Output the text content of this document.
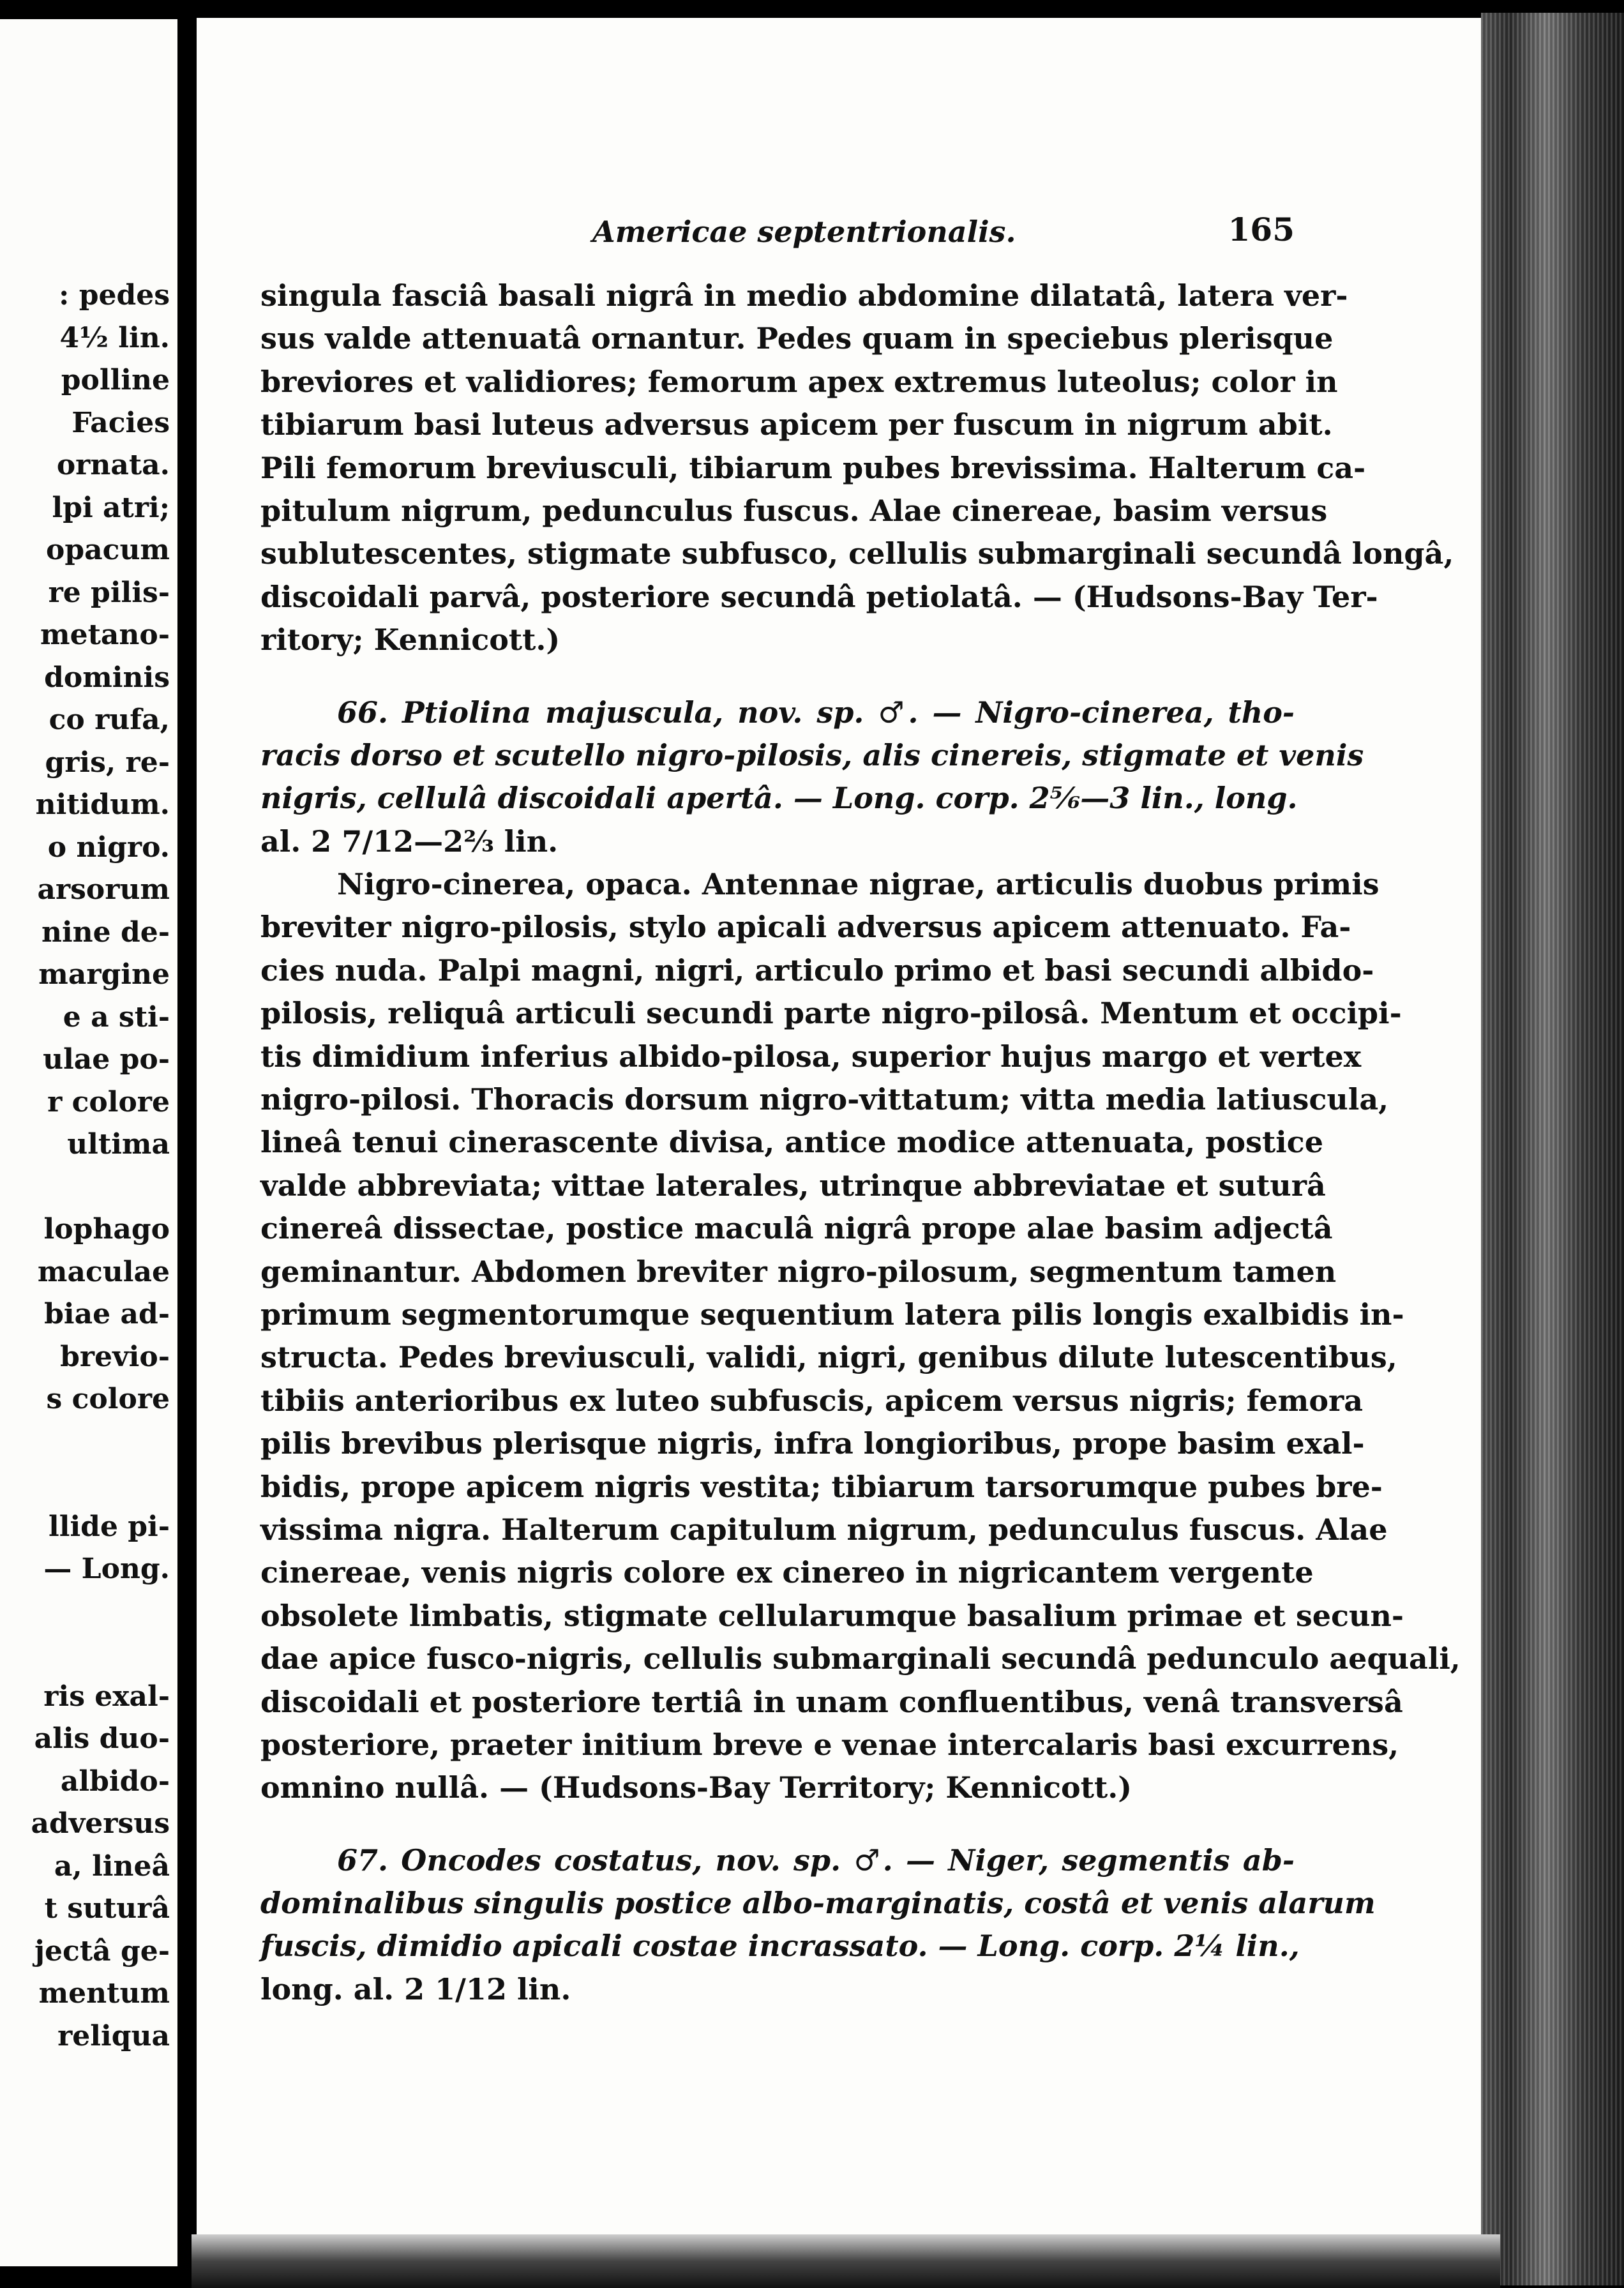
: pedes
4½ lin.
polline
Facies
ornata.
lpi atri;
opacum
re pilis-
metano-
dominis
co rufa,
gris, re-
nitidum.
o nigro.
arsorum
nine de-
margine
e a sti-
ulae po-
r colore
ultima
lophago
maculae
biae ad-
brevio-
s colore
llide pi-
— Long.
ris exal-
alis duo-
albido-
adversus
a, lineâ
t suturâ
jectâ ge-
mentum
reliqua
Americae septentrionalis.	165
singula fasciâ basali nigrâ in medio abdomine dilatatâ, latera ver-
sus valde attenuatâ ornantur. Pedes quam in speciebus plerisque
breviores et validiores; femorum apex extremus luteolus; color in
tibiarum basi luteus adversus apicem per fuscum in nigrum abit.
Pili femorum breviusculi, tibiarum pubes brevissima. Halterum ca-
pitulum nigrum, pedunculus fuscus. Alae cinereae, basim versus
sublutescentes, stigmate subfusco, cellulis submarginali secundâ longâ,
discoidali parvâ, posteriore secundâ petiolatâ. — (Hudsons-Bay Ter-
ritory; Kennicott.)
66. Ptiolina majuscula, nov. sp. ♂. — Nigro-cinerea, tho-
racis dorso et scutello nigro-pilosis, alis cinereis, stigmate et venis
nigris, cellulâ discoidali apertâ. — Long. corp. 2⅚—3 lin., long.
al. 2 7/12—2⅔ lin.
Nigro-cinerea, opaca. Antennae nigrae, articulis duobus primis
breviter nigro-pilosis, stylo apicali adversus apicem attenuato. Fa-
cies nuda. Palpi magni, nigri, articulo primo et basi secundi albido-
pilosis, reliquâ articuli secundi parte nigro-pilosâ. Mentum et occipi-
tis dimidium inferius albido-pilosa, superior hujus margo et vertex
nigro-pilosi. Thoracis dorsum nigro-vittatum; vitta media latiuscula,
lineâ tenui cinerascente divisa, antice modice attenuata, postice
valde abbreviata; vittae laterales, utrinque abbreviatae et suturâ
cinereâ dissectae, postice maculâ nigrâ prope alae basim adjectâ
geminantur. Abdomen breviter nigro-pilosum, segmentum tamen
primum segmentorumque sequentium latera pilis longis exalbidis in-
structa. Pedes breviusculi, validi, nigri, genibus dilute lutescentibus,
tibiis anterioribus ex luteo subfuscis, apicem versus nigris; femora
pilis brevibus plerisque nigris, infra longioribus, prope basim exal-
bidis, prope apicem nigris vestita; tibiarum tarsorumque pubes bre-
vissima nigra. Halterum capitulum nigrum, pedunculus fuscus. Alae
cinereae, venis nigris colore ex cinereo in nigricantem vergente
obsolete limbatis, stigmate cellularumque basalium primae et secun-
dae apice fusco-nigris, cellulis submarginali secundâ pedunculo aequali,
discoidali et posteriore tertiâ in unam confluentibus, venâ transversâ
posteriore, praeter initium breve e venae intercalaris basi excurrens,
omnino nullâ. — (Hudsons-Bay Territory; Kennicott.)
67. Oncodes costatus, nov. sp. ♂. — Niger, segmentis ab-
dominalibus singulis postice albo-marginatis, costâ et venis alarum
fuscis, dimidio apicali costae incrassato. — Long. corp. 2¼ lin.,
long. al. 2 1/12 lin.
